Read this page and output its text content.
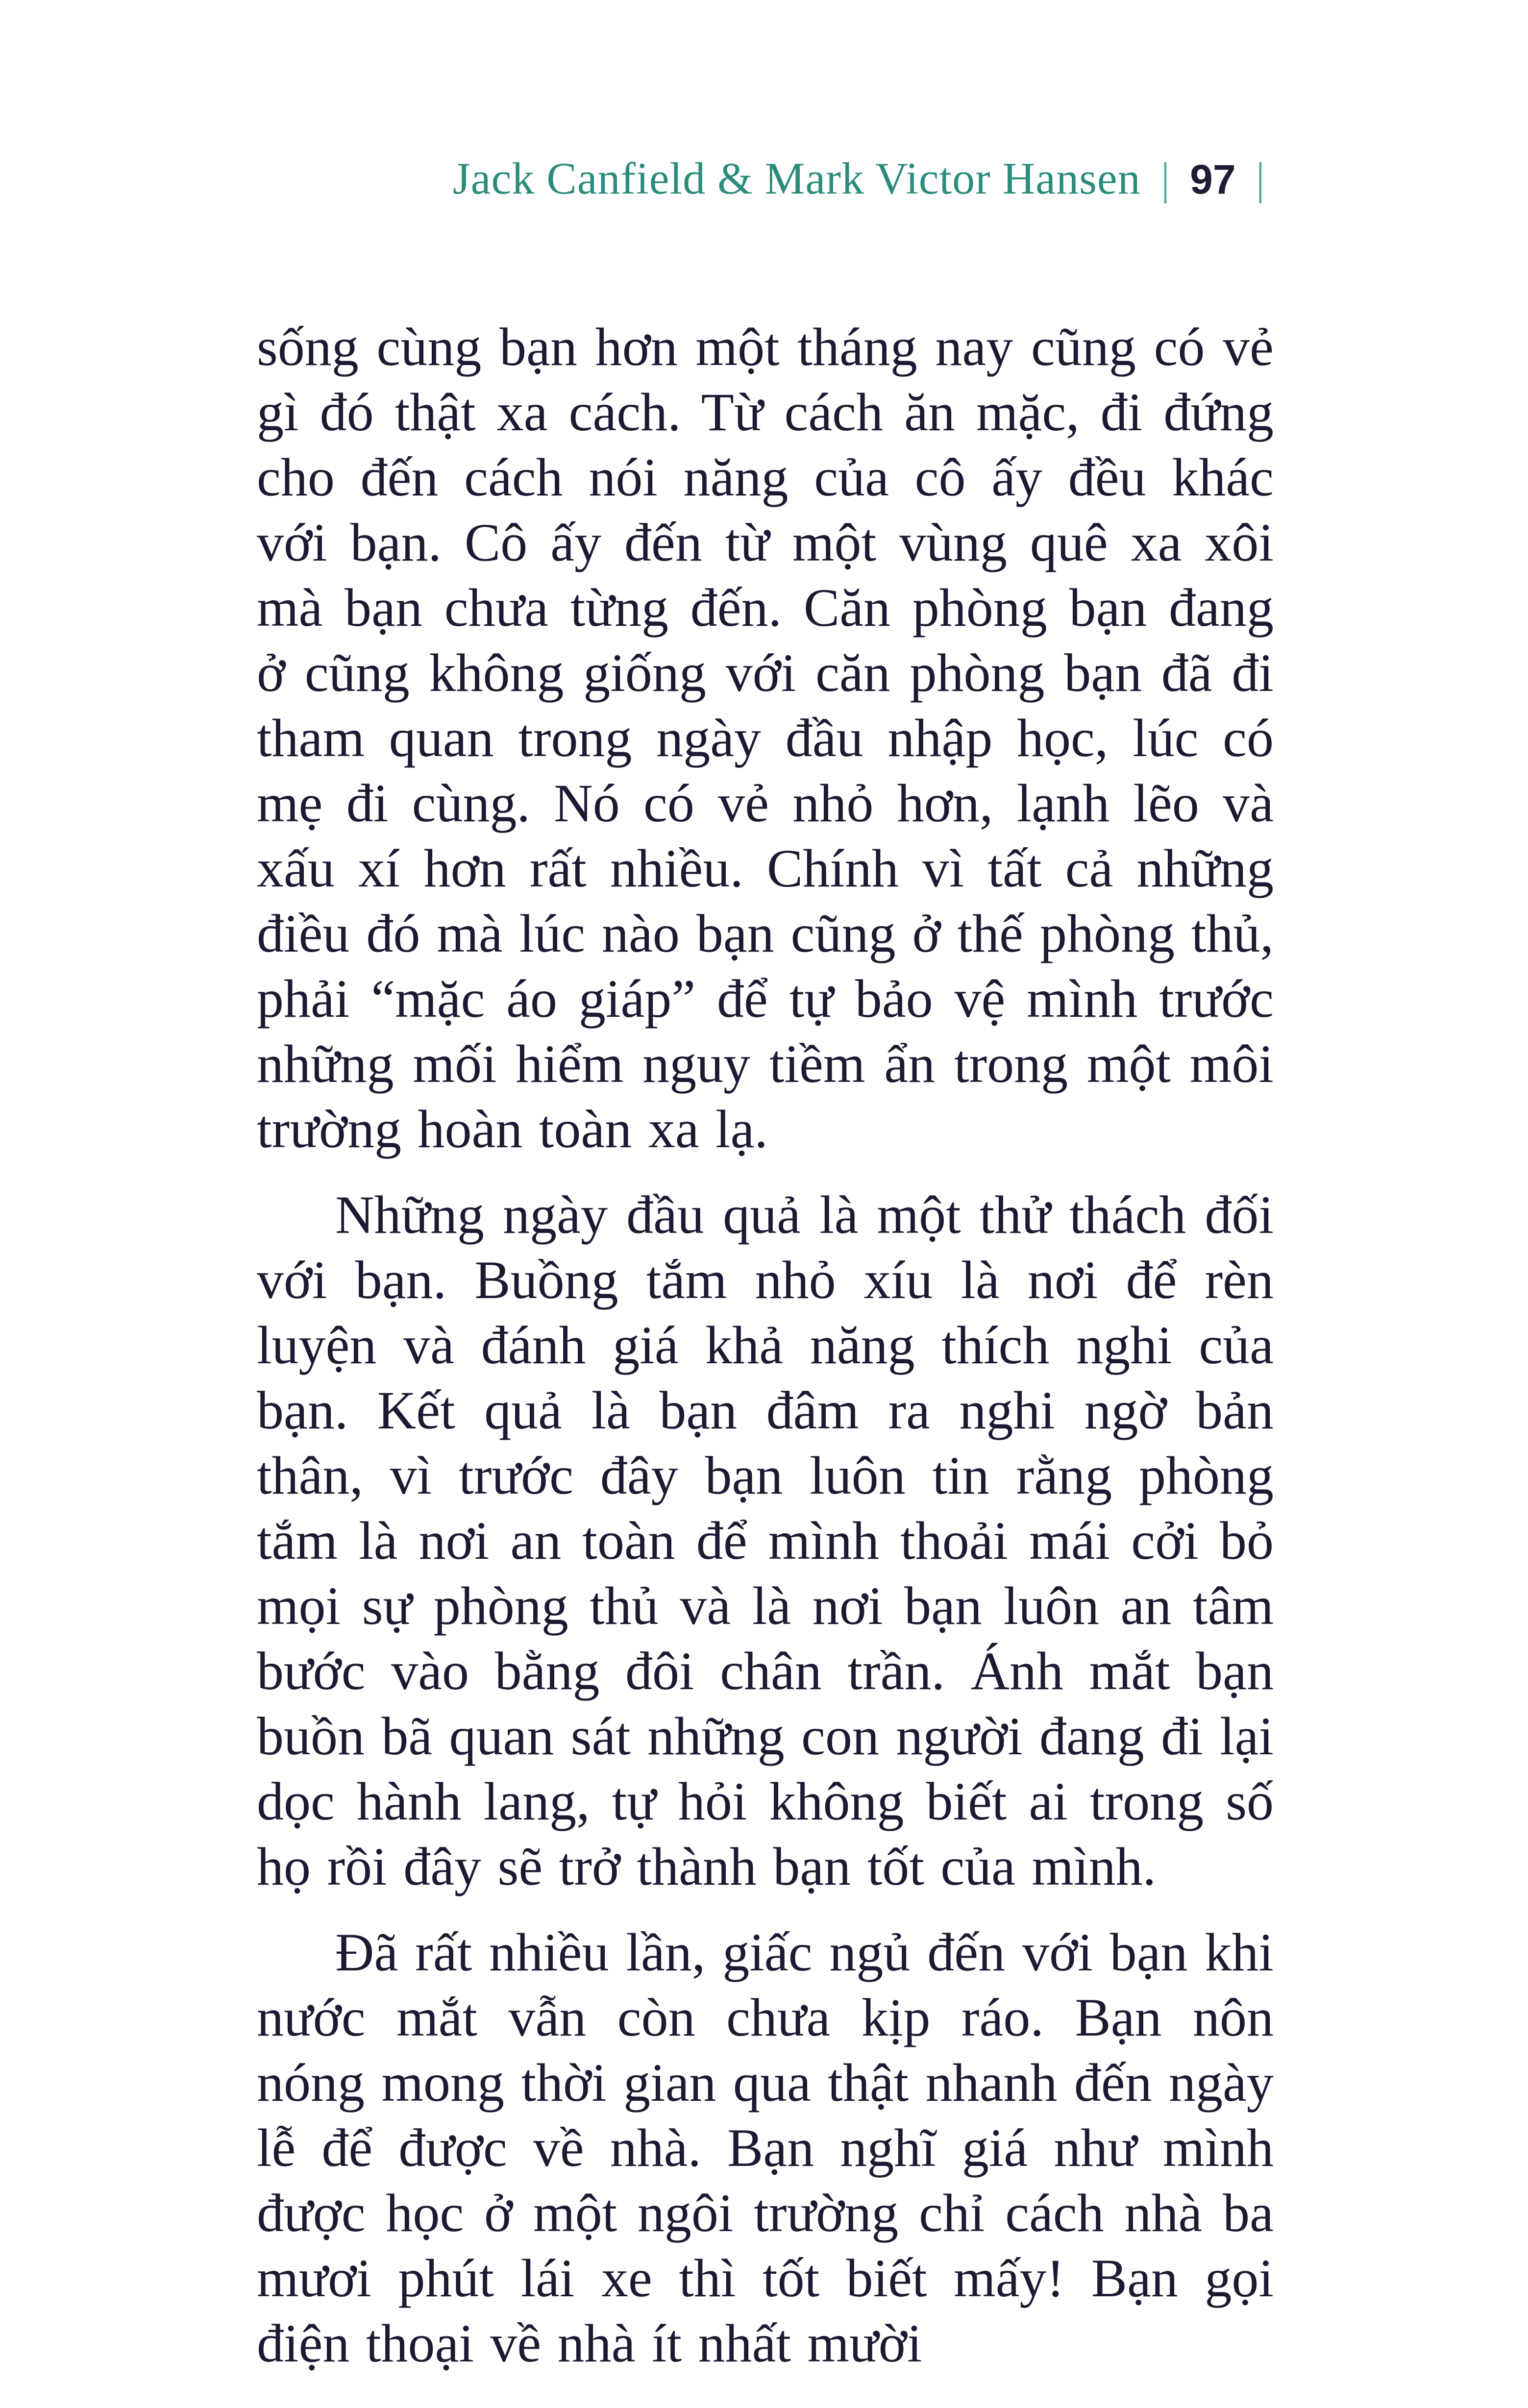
Jack Canfield & Mark Victor Hansen | 97 |

sống cùng bạn hơn một tháng nay cũng có vẻ gì đó thật xa cách. Từ cách ăn mặc, đi đứng cho đến cách nói năng của cô ấy đều khác với bạn. Cô ấy đến từ một vùng quê xa xôi mà bạn chưa từng đến. Căn phòng bạn đang ở cũng không giống với căn phòng bạn đã đi tham quan trong ngày đầu nhập học, lúc có mẹ đi cùng. Nó có vẻ nhỏ hơn, lạnh lẽo và xấu xí hơn rất nhiều. Chính vì tất cả những điều đó mà lúc nào bạn cũng ở thế phòng thủ, phải “mặc áo giáp” để tự bảo vệ mình trước những mối hiểm nguy tiềm ẩn trong một môi trường hoàn toàn xa lạ.

Những ngày đầu quả là một thử thách đối với bạn. Buồng tắm nhỏ xíu là nơi để rèn luyện và đánh giá khả năng thích nghi của bạn. Kết quả là bạn đâm ra nghi ngờ bản thân, vì trước đây bạn luôn tin rằng phòng tắm là nơi an toàn để mình thoải mái cởi bỏ mọi sự phòng thủ và là nơi bạn luôn an tâm bước vào bằng đôi chân trần. Ánh mắt bạn buồn bã quan sát những con người đang đi lại dọc hành lang, tự hỏi không biết ai trong số họ rồi đây sẽ trở thành bạn tốt của mình.

Đã rất nhiều lần, giấc ngủ đến với bạn khi nước mắt vẫn còn chưa kịp ráo. Bạn nôn nóng mong thời gian qua thật nhanh đến ngày lễ để được về nhà. Bạn nghĩ giá như mình được học ở một ngôi trường chỉ cách nhà ba mươi phút lái xe thì tốt biết mấy! Bạn gọi điện thoại về nhà ít nhất mười
